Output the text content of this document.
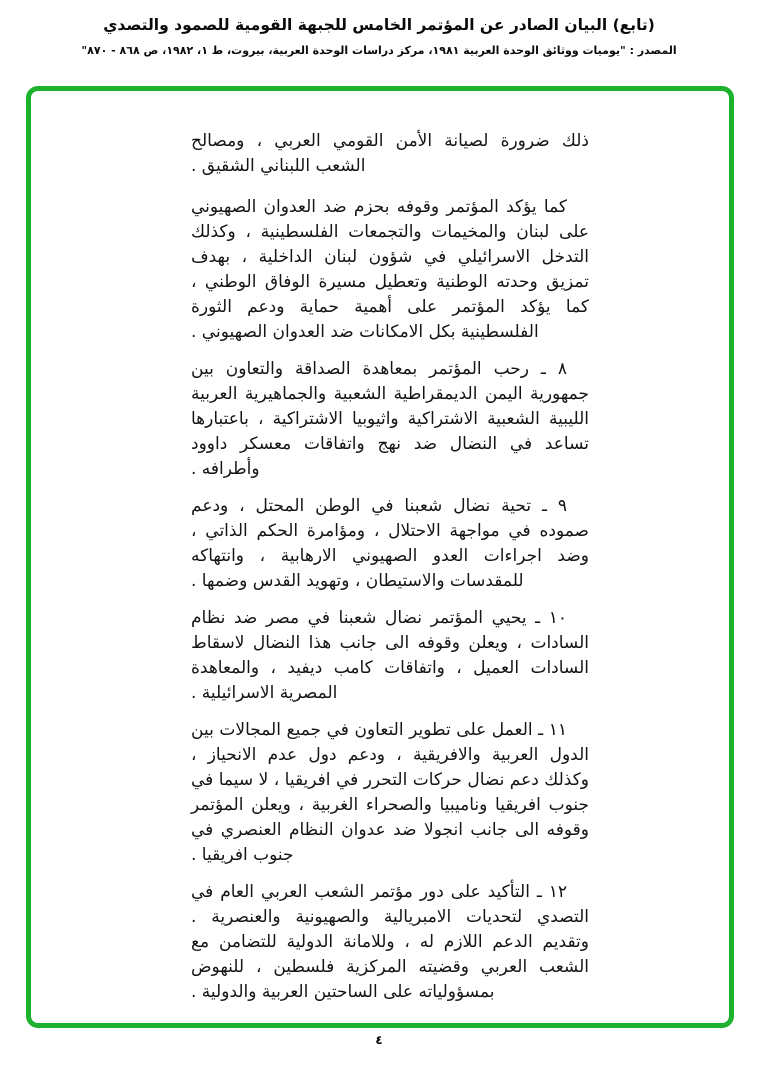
(تابع) البيان الصادر عن المؤتمر الخامس للجبهة القومية للصمود والتصدي
المصدر : "يوميات ووثائق الوحدة العربية ١٩٨١، مركز دراسات الوحدة العربية، بيروت، ط ١، ١٩٨٢، ص ٨٦٨ - ٨٧٠"

ذلك ضرورة لصيانة الأمن القومي العربي ، ومصالح الشعب اللبناني الشقيق .

كما يؤكد المؤتمر وقوفه بحزم ضد العدوان الصهيوني على لبنان والمخيمات والتجمعات الفلسطينية ، وكذلك التدخل الاسرائيلي في شؤون لبنان الداخلية ، بهدف تمزيق وحدته الوطنية وتعطيل مسيرة الوفاق الوطني ، كما يؤكد المؤتمر على أهمية حماية ودعم الثورة الفلسطينية بكل الامكانات ضد العدوان الصهيوني .

٨ ـ رحب المؤتمر بمعاهدة الصداقة والتعاون بين جمهورية اليمن الديمقراطية الشعبية والجماهيرية العربية الليبية الشعبية الاشتراكية واثيوبيا الاشتراكية ، باعتبارها تساعد في النضال ضد نهج واتفاقات معسكر داوود وأطرافه .

٩ ـ تحية نضال شعبنا في الوطن المحتل ، ودعم صموده في مواجهة الاحتلال ، ومؤامرة الحكم الذاتي ، وضد اجراءات العدو الصهيوني الارهابية ، وانتهاكه للمقدسات والاستيطان ، وتهويد القدس وضمها .

١٠ ـ يحيي المؤتمر نضال شعبنا في مصر ضد نظام السادات ، ويعلن وقوفه الى جانب هذا النضال لاسقاط السادات العميل ، واتفاقات كامب ديفيد ، والمعاهدة المصرية الاسرائيلية .

١١ ـ العمل على تطوير التعاون في جميع المجالات بين الدول العربية والافريقية ، ودعم دول عدم الانحياز ، وكذلك دعم نضال حركات التحرر في افريقيا ، لا سيما في جنوب افريقيا وناميبيا والصحراء الغربية ، ويعلن المؤتمر وقوفه الى جانب انجولا ضد عدوان النظام العنصري في جنوب افريقيا .

١٢ ـ التأكيد على دور مؤتمر الشعب العربي العام في التصدي لتحديات الامبريالية والصهيونية والعنصرية . وتقديم الدعم اللازم له ، وللامانة الدولية للتضامن مع الشعب العربي وقضيته المركزية فلسطين ، للنهوض بمسؤولياته على الساحتين العربية والدولية .

٤
